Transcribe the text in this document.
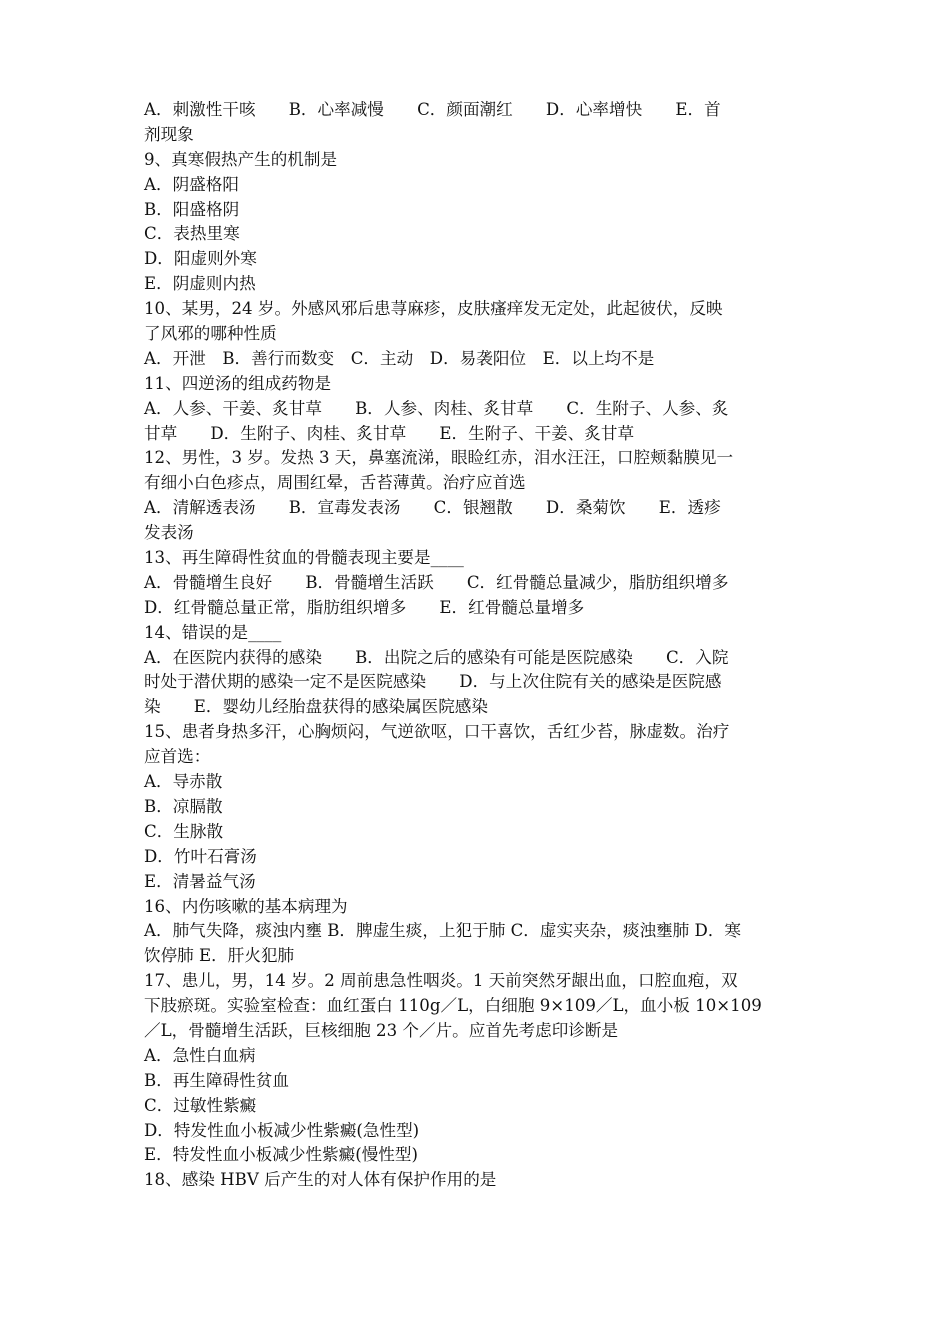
A．刺激性干咳　　B．心率减慢　　C．颜面潮红　　D．心率增快　　E．首
剂现象
9、真寒假热产生的机制是
A．阴盛格阳
B．阳盛格阴
C．表热里寒
D．阳虚则外寒
E．阴虚则内热
10、某男，24 岁。外感风邪后患荨麻疹，皮肤瘙痒发无定处，此起彼伏，反映
了风邪的哪种性质
A．开泄　B．善行而数变　C．主动　D．易袭阳位　E．以上均不是
11、四逆汤的组成药物是
A．人参、干姜、炙甘草　　B．人参、肉桂、炙甘草　　C．生附子、人参、炙
甘草　　D．生附子、肉桂、炙甘草　　E．生附子、干姜、炙甘草
12、男性，3 岁。发热 3 天，鼻塞流涕，眼睑红赤，泪水汪汪，口腔颊黏膜见一
有细小白色疹点，周围红晕，舌苔薄黄。治疗应首选
A．清解透表汤　　B．宣毒发表汤　　C．银翘散　　D．桑菊饮　　E．透疹
发表汤
13、再生障碍性贫血的骨髓表现主要是____
A．骨髓增生良好　　B．骨髓增生活跃　　C．红骨髓总量减少，脂肪组织增多
D．红骨髓总量正常，脂肪组织增多　　E．红骨髓总量增多
14、错误的是____
A．在医院内获得的感染　　B．出院之后的感染有可能是医院感染　　C．入院
时处于潜伏期的感染一定不是医院感染　　D．与上次住院有关的感染是医院感
染　　E．婴幼儿经胎盘获得的感染属医院感染
15、患者身热多汗，心胸烦闷，气逆欲呕，口干喜饮，舌红少苔，脉虚数。治疗
应首选：
A．导赤散
B．凉膈散
C．生脉散
D．竹叶石膏汤
E．清暑益气汤
16、内伤咳嗽的基本病理为
A．肺气失降，痰浊内壅 B．脾虚生痰，上犯于肺 C．虚实夹杂，痰浊壅肺 D．寒
饮停肺 E．肝火犯肺
17、患儿，男，14 岁。2 周前患急性咽炎。1 天前突然牙龈出血，口腔血疱，双
下肢瘀斑。实验室检查：血红蛋白 110g／L，白细胞 9×109／L，血小板 10×109
／L，骨髓增生活跃，巨核细胞 23 个／片。应首先考虑印诊断是
A．急性白血病
B．再生障碍性贫血
C．过敏性紫癜
D．特发性血小板减少性紫癜(急性型)
E．特发性血小板减少性紫癜(慢性型)
18、感染 HBV 后产生的对人体有保护作用的是
